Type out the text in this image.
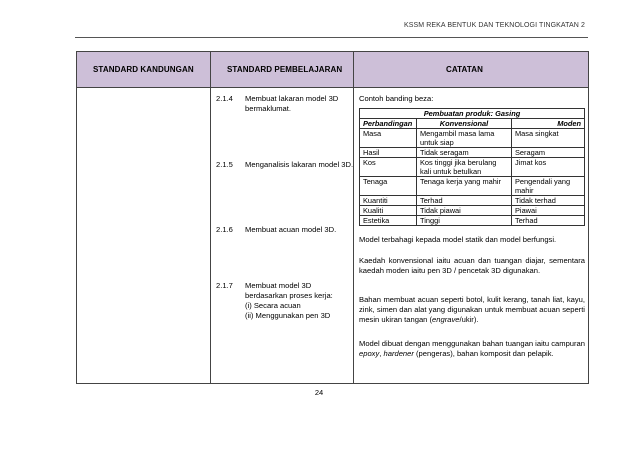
KSSM REKA BENTUK DAN TEKNOLOGI TINGKATAN 2
STANDARD KANDUNGAN	STANDARD PEMBELAJARAN	CATATAN
2.1.4 Membuat lakaran model 3D bermaklumat.
2.1.5 Menganalisis lakaran model 3D.
2.1.6 Membuat acuan model 3D.
2.1.7 Membuat model 3D berdasarkan proses kerja:
(i) Secara acuan
(ii) Menggunakan pen 3D
Contoh banding beza:
Pembuatan produk: Gasing		
Perbandingan	Konvensional	Moden
Masa	Mengambil masa lama untuk siap	Masa singkat
Hasil	Tidak seragam	Seragam
Kos	Kos tinggi jika berulang kali untuk betulkan	Jimat kos
Tenaga	Tenaga kerja yang mahir	Pengendali yang mahir
Kuantiti	Terhad	Tidak terhad
Kualiti	Tidak piawai	Piawai
Estetika	Tinggi	Terhad
Model terbahagi kepada model statik dan model berfungsi.
Kaedah konvensional iaitu acuan dan tuangan diajar, sementara kaedah moden iaitu pen 3D / pencetak 3D digunakan.
Bahan membuat acuan seperti botol, kulit kerang, tanah liat, kayu, zink, simen dan alat yang digunakan untuk membuat acuan seperti mesin ukiran tangan (engrave/ukir).
Model dibuat dengan menggunakan bahan tuangan iaitu campuran epoxy, hardener (pengeras), bahan komposit dan pelapik.
24
